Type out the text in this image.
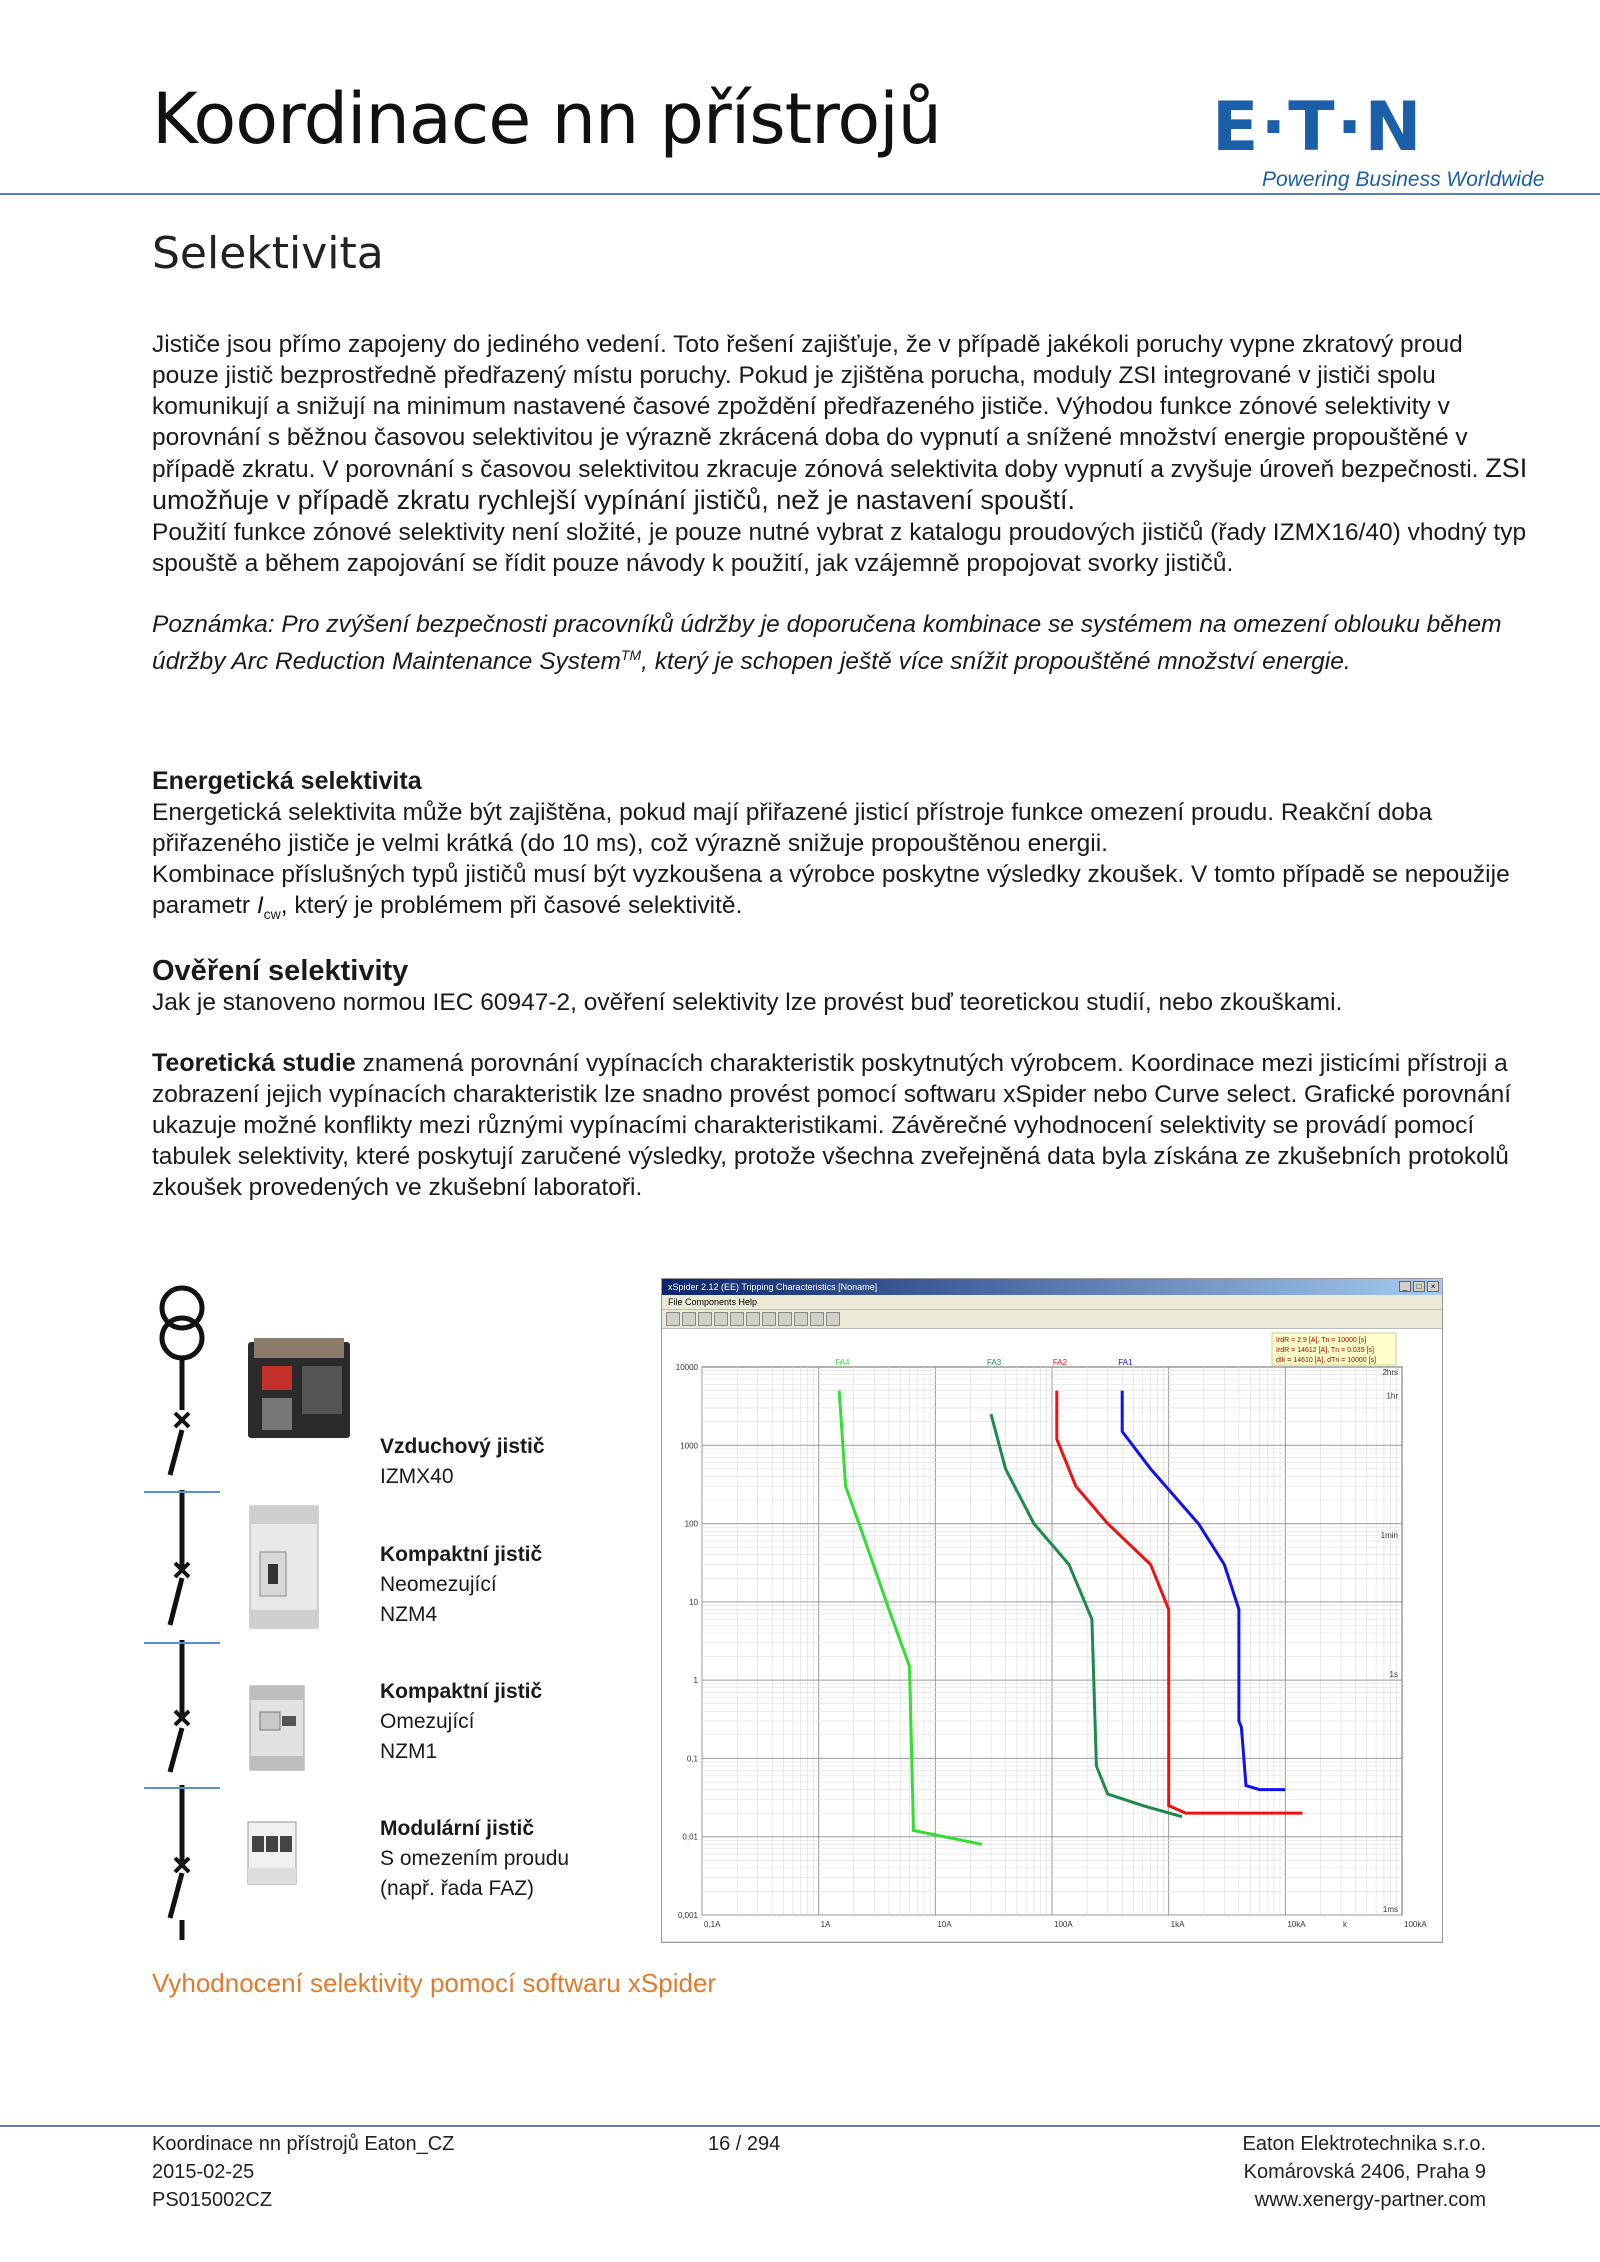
Koordinace nn přístrojů	E·T·N
Powering Business Worldwide
Selektivita

Jističe jsou přímo zapojeny do jediného vedení. Toto řešení zajišťuje, že v případě jakékoli poruchy vypne zkratový proud pouze jistič bezprostředně předřazený místu poruchy. Pokud je zjištěna porucha, moduly ZSI integrované v jističi spolu komunikují a snižují na minimum nastavené časové zpoždění předřazeného jističe. Výhodou funkce zónové selektivity v porovnání s běžnou časovou selektivitou je výrazně zkrácená doba do vypnutí a snížené množství energie propouštěné v případě zkratu. V porovnání s časovou selektivitou zkracuje zónová selektivita doby vypnutí a zvyšuje úroveň bezpečnosti. ZSI umožňuje v případě zkratu rychlejší vypínání jističů, než je nastavení spouští.

Použití funkce zónové selektivity není složité, je pouze nutné vybrat z katalogu proudových jističů (řady IZMX16/40) vhodný typ spouště a během zapojování se řídit pouze návody k použití, jak vzájemně propojovat svorky jističů.

Poznámka: Pro zvýšení bezpečnosti pracovníků údržby je doporučena kombinace se systémem na omezení oblouku během údržby Arc Reduction Maintenance System™, který je schopen ještě více snížit propouštěné množství energie.

Energetická selektivita

Energetická selektivita může být zajištěna, pokud mají přiřazené jisticí přístroje funkce omezení proudu. Reakční doba přiřazeného jističe je velmi krátká (do 10 ms), což výrazně snižuje propouštěnou energii.

Kombinace příslušných typů jističů musí být vyzkoušena a výrobce poskytne výsledky zkoušek. V tomto případě se nepoužije parametr $I_{cw}$, který je problémem při časové selektivitě.

Ověření selektivity

Jak je stanoveno normou IEC 60947-2, ověření selektivity lze provést buď teoretickou studií, nebo zkouškami.

Teoretická studie znamená porovnání vypínacích charakteristik poskytnutých výrobcem. Koordinace mezi jisticími přístroji a zobrazení jejich vypínacích charakteristik lze snadno provést pomocí softwaru xSpider nebo Curve select. Grafické porovnání ukazuje možné konflikty mezi různými vypínacími charakteristikami. Závěrečné vyhodnocení selektivity se provádí pomocí tabulek selektivity, které poskytují zaručené výsledky, protože všechna zveřejněná data byla získána ze zkušebních protokolů zkoušek provedených ve zkušební laboratoři.

Vzduchový jistič
IZMX40
Kompaktní jistič
Neomezující
NZM4
Kompaktní jistič
Omezující
NZM1
Modulární jistič
S omezením proudu
(např. řada FAZ)
xSpider 2.12 (EE) Tripping Characteristics [Noname]	_	□	×
File Components Help
0,1A	1A	10A	100A	1kA	10kA	k	100kA
10000
1000
100
10
1
0,1
0,01
0,001
2hrs
1hr
1min
1s
1ms
FA4	FA3	FA2	FA1
IrdR = 2.9 [A], Tn = 10000 [s]
IrdR = 14612 [A], Tn = 0.035 [s]
dIk = 14610 [A], dTn = 10000 [s]
Vyhodnocení selektivity pomocí softwaru xSpider
Koordinace nn přístrojů Eaton_CZ
2015-02-25
PS015002CZ
16 / 294	Eaton Elektrotechnika s.r.o.
Komárovská 2406, Praha 9
www.xenergy-partner.com
